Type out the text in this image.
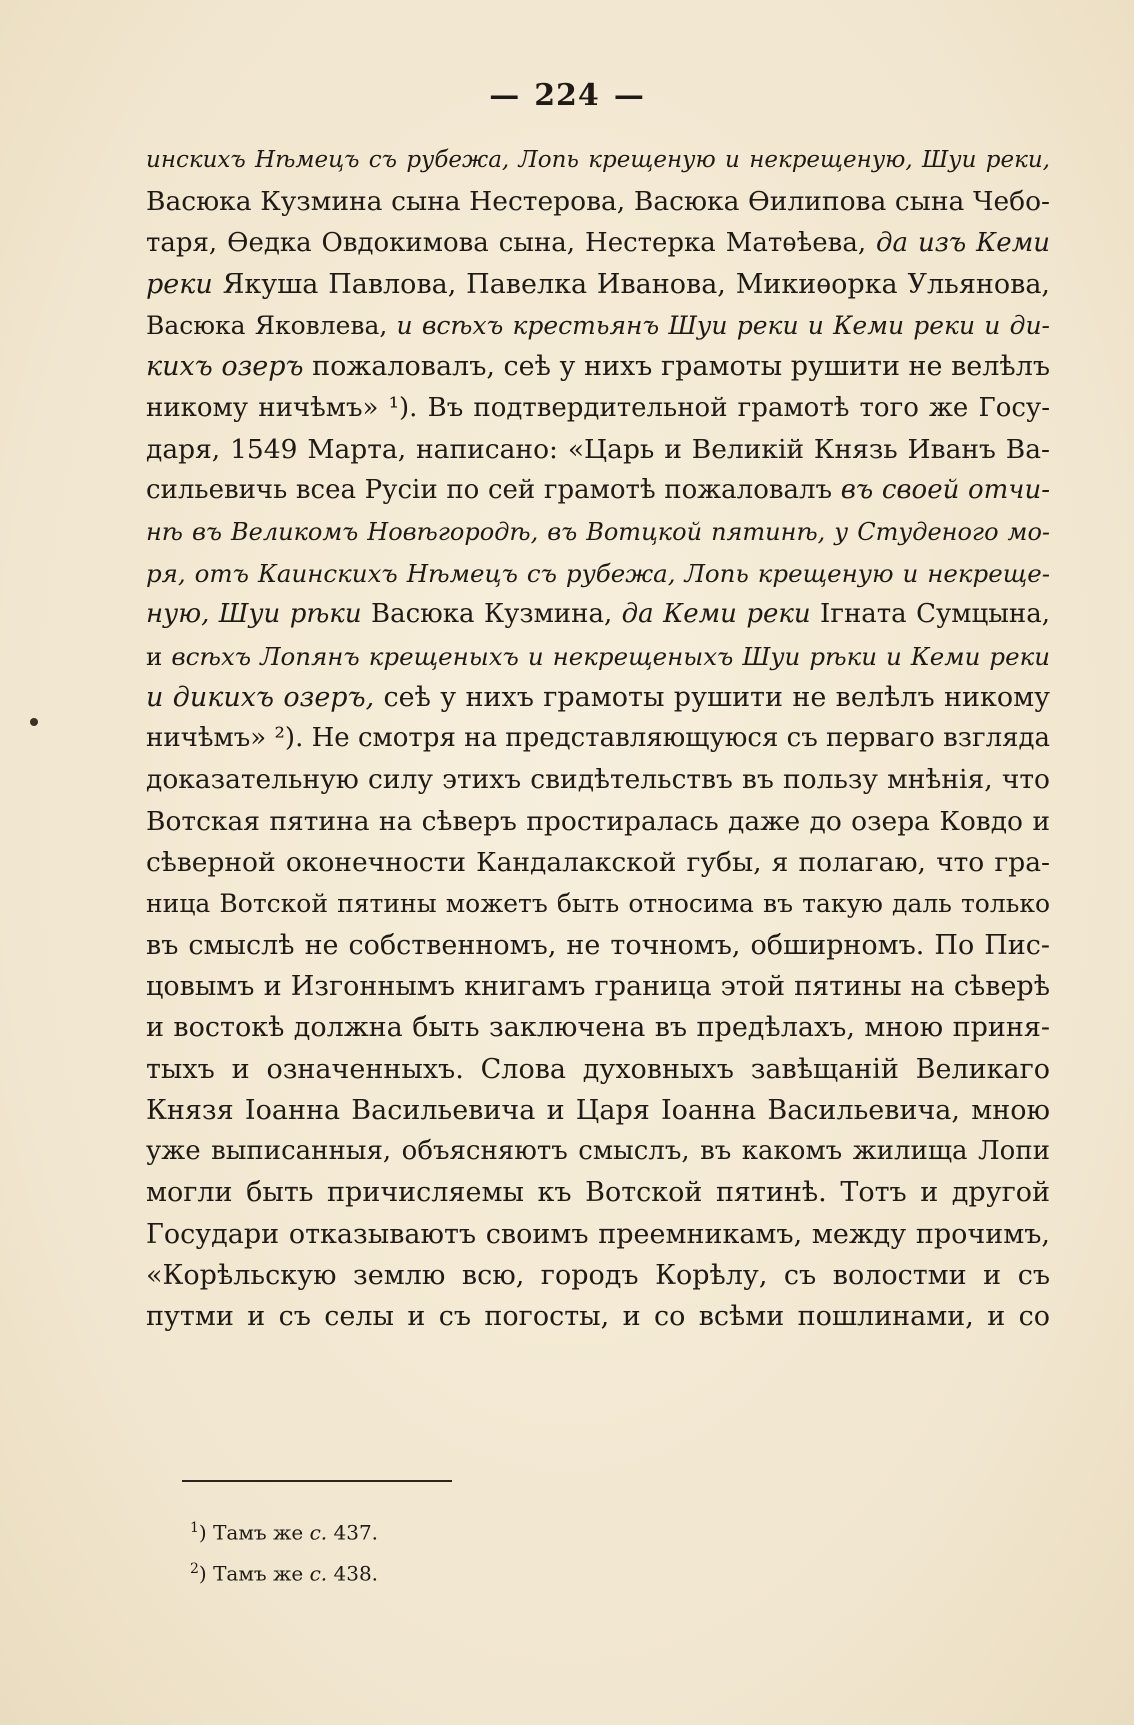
— 224 —
инскихъ Нѣмецъ съ рубежа, Лопь крещеную и некрещеную, Шуи реки,
Васюка Кузмина сына Нестерова, Васюка Ѳилипова сына Чебо-
таря, Ѳедка Овдокимова сына, Нестерка Матѳѣева, да изъ Кеми
реки Якуша Павлова, Павелка Иванова, Микиѳорка Ульянова,
Васюка Яковлева, и всѣхъ крестьянъ Шуи реки и Кеми реки и ди-
кихъ озеръ пожаловалъ, сеѣ у нихъ грамоты рушити не велѣлъ
никому ничѣмъ» ¹). Въ подтвердительной грамотѣ того же Госу-
даря, 1549 Марта, написано: «Царь и Великій Князь Иванъ Ва-
сильевичь всеа Русіи по сей грамотѣ пожаловалъ въ своей отчи-
нѣ въ Великомъ Новѣгородѣ, въ Вотцкой пятинѣ, у Студеного мо-
ря, отъ Каинскихъ Нѣмецъ съ рубежа, Лопь крещеную и некреще-
ную, Шуи рѣки Васюка Кузмина, да Кеми реки Ігната Сумцына,
и всѣхъ Лопянъ крещеныхъ и некрещеныхъ Шуи рѣки и Кеми реки
и дикихъ озеръ, сеѣ у нихъ грамоты рушити не велѣлъ никому
ничѣмъ» ²). Не смотря на представляющуюся съ перваго взгляда
доказательную силу этихъ свидѣтельствъ въ пользу мнѣнія, что
Вотская пятина на сѣверъ простиралась даже до озера Ковдо и
сѣверной оконечности Кандалакской губы, я полагаю, что гра-
ница Вотской пятины можетъ быть относима въ такую даль только
въ смыслѣ не собственномъ, не точномъ, обширномъ. По Пис-
цовымъ и Изгоннымъ книгамъ граница этой пятины на сѣверѣ
и востокѣ должна быть заключена въ предѣлахъ, мною приня-
тыхъ и означенныхъ. Слова духовныхъ завѣщаній Великаго
Князя Іоанна Васильевича и Царя Іоанна Васильевича, мною
уже выписанныя, объясняютъ смыслъ, въ какомъ жилища Лопи
могли быть причисляемы къ Вотской пятинѣ. Тотъ и другой
Государи отказываютъ своимъ преемникамъ, между прочимъ,
«Корѣльскую землю всю, городъ Корѣлу, съ волостми и съ
путми и съ селы и съ погосты, и со всѣми пошлинами, и со
$^1$) Тамъ же с. 437.
$^2$) Тамъ же с. 438.
